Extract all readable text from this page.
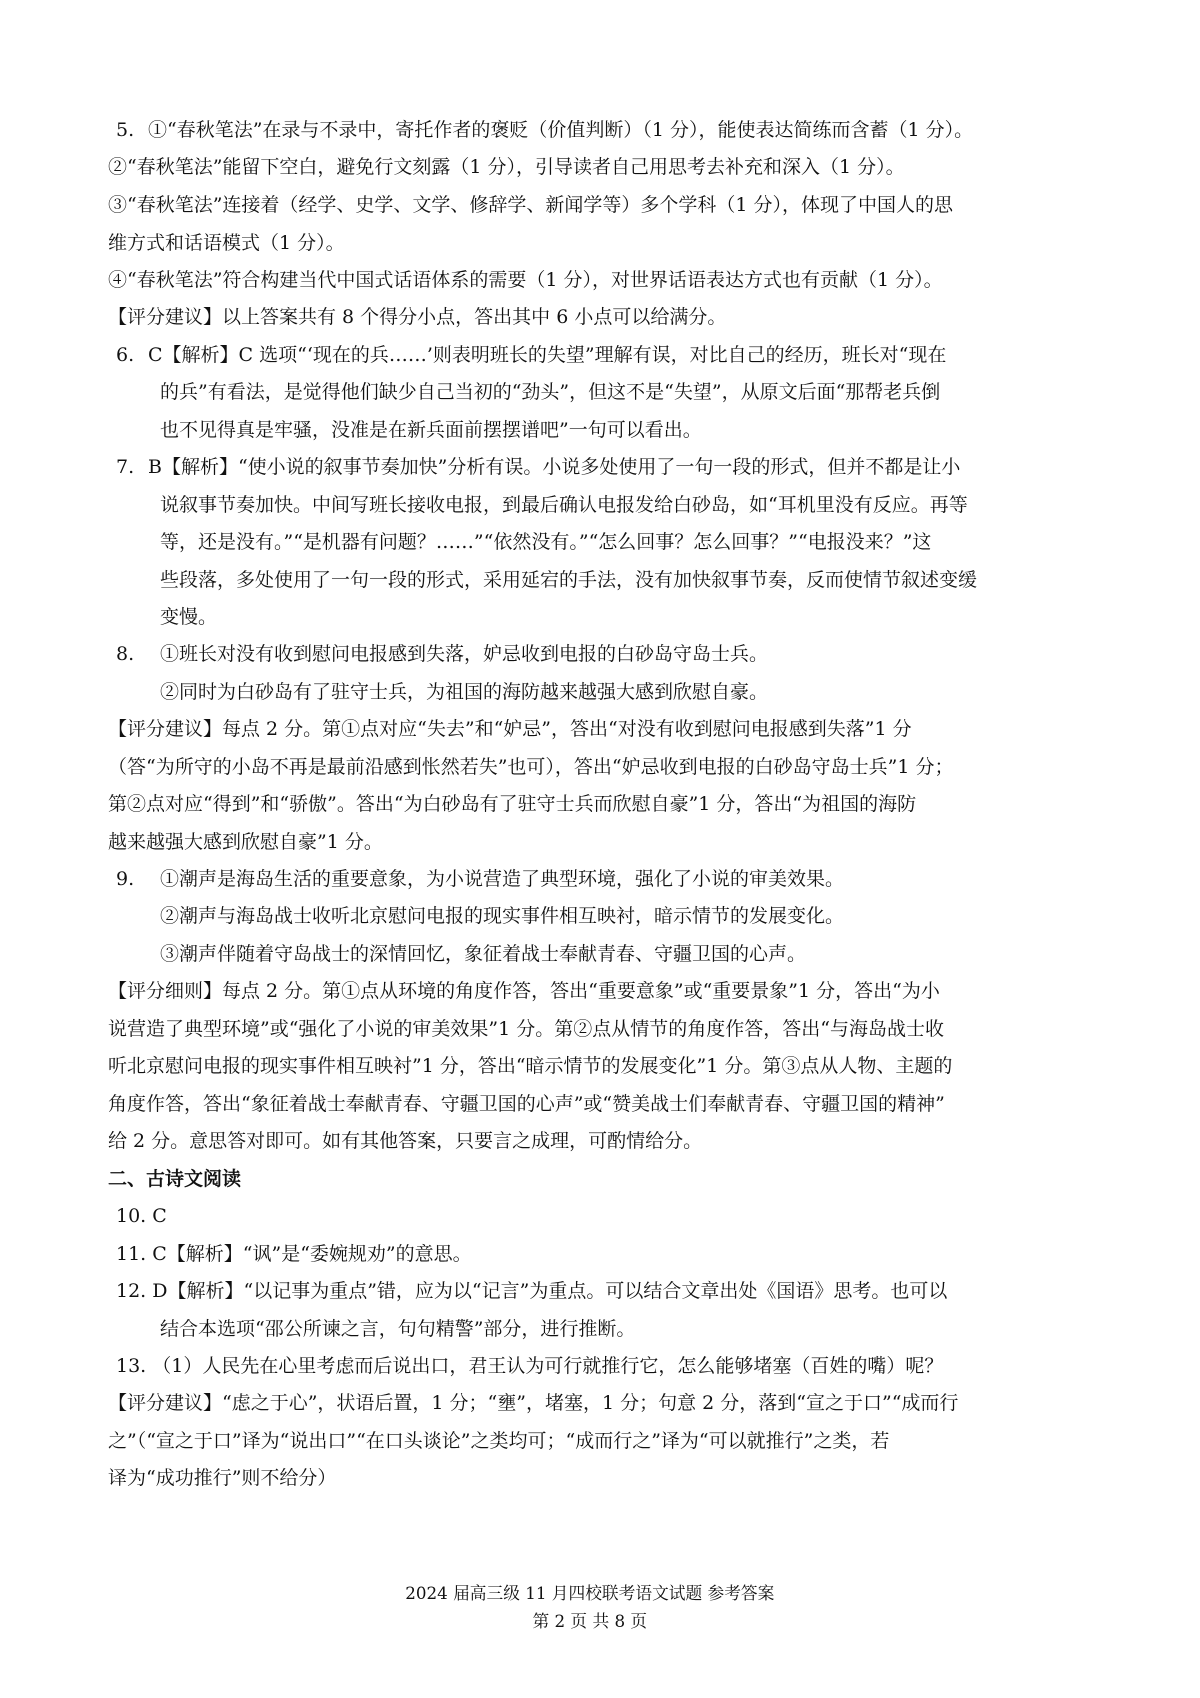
5. ①“春秋笔法”在录与不录中，寄托作者的褒贬（价值判断）（1 分），能使表达简练而含蓄（1 分）。
②“春秋笔法”能留下空白，避免行文刻露（1 分），引导读者自己用思考去补充和深入（1 分）。
③“春秋笔法”连接着（经学、史学、文学、修辞学、新闻学等）多个学科（1 分），体现了中国人的思
维方式和话语模式（1 分）。
④“春秋笔法”符合构建当代中国式话语体系的需要（1 分），对世界话语表达方式也有贡献（1 分）。
【评分建议】以上答案共有 8 个得分小点，答出其中 6 小点可以给满分。
6. C【解析】C 选项“‘现在的兵……’则表明班长的失望”理解有误，对比自己的经历，班长对“现在
的兵”有看法，是觉得他们缺少自己当初的“劲头”，但这不是“失望”，从原文后面“那帮老兵倒
也不见得真是牢骚，没准是在新兵面前摆摆谱吧”一句可以看出。
7. B【解析】“使小说的叙事节奏加快”分析有误。小说多处使用了一句一段的形式，但并不都是让小
说叙事节奏加快。中间写班长接收电报，到最后确认电报发给白砂岛，如“耳机里没有反应。再等
等，还是没有。”“是机器有问题？……”“依然没有。”“怎么回事？怎么回事？”“电报没来？”这
些段落，多处使用了一句一段的形式，采用延宕的手法，没有加快叙事节奏，反而使情节叙述变缓
变慢。
8. ①班长对没有收到慰问电报感到失落，妒忌收到电报的白砂岛守岛士兵。
②同时为白砂岛有了驻守士兵，为祖国的海防越来越强大感到欣慰自豪。
【评分建议】每点 2 分。第①点对应“失去”和“妒忌”，答出“对没有收到慰问电报感到失落”1 分
（答“为所守的小岛不再是最前沿感到怅然若失”也可），答出“妒忌收到电报的白砂岛守岛士兵”1 分；
第②点对应“得到”和“骄傲”。答出“为白砂岛有了驻守士兵而欣慰自豪”1 分，答出“为祖国的海防
越来越强大感到欣慰自豪”1 分。
9. ①潮声是海岛生活的重要意象，为小说营造了典型环境，强化了小说的审美效果。
②潮声与海岛战士收听北京慰问电报的现实事件相互映衬，暗示情节的发展变化。
③潮声伴随着守岛战士的深情回忆，象征着战士奉献青春、守疆卫国的心声。
【评分细则】每点 2 分。第①点从环境的角度作答，答出“重要意象”或“重要景象”1 分，答出“为小
说营造了典型环境”或“强化了小说的审美效果”1 分。第②点从情节的角度作答，答出“与海岛战士收
听北京慰问电报的现实事件相互映衬”1 分，答出“暗示情节的发展变化”1 分。第③点从人物、主题的
角度作答，答出“象征着战士奉献青春、守疆卫国的心声”或“赞美战士们奉献青春、守疆卫国的精神”
给 2 分。意思答对即可。如有其他答案，只要言之成理，可酌情给分。
二、古诗文阅读
10. C
11. C【解析】“讽”是“委婉规劝”的意思。
12. D【解析】“以记事为重点”错，应为以“记言”为重点。可以结合文章出处《国语》思考。也可以
结合本选项“邵公所谏之言，句句精警”部分，进行推断。
13. （1）人民先在心里考虑而后说出口，君王认为可行就推行它，怎么能够堵塞（百姓的嘴）呢？
【评分建议】“虑之于心”，状语后置，1 分；“壅”，堵塞，1 分；句意 2 分，落到“宣之于口”“成而行
之”（“宣之于口”译为“说出口”“在口头谈论”之类均可；“成而行之”译为“可以就推行”之类，若
译为“成功推行”则不给分）
2024 届高三级 11 月四校联考语文试题 参考答案
第 2 页 共 8 页
